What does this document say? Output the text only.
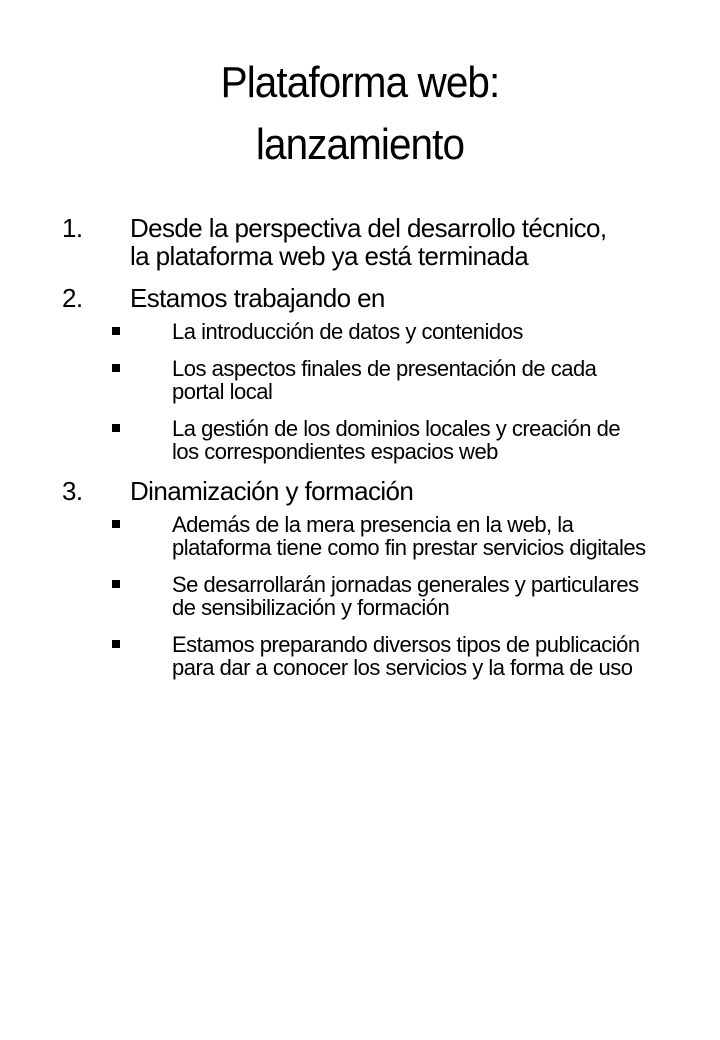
Plataforma web:
lanzamiento
1. Desde la perspectiva del desarrollo técnico, la plataforma web ya está terminada
2. Estamos trabajando en
La introducción de datos y contenidos
Los aspectos finales de presentación de cada portal local
La gestión de los dominios locales y creación de los correspondientes espacios web
3. Dinamización y formación
Además de la mera presencia en la web, la plataforma tiene como fin prestar servicios digitales
Se desarrollarán jornadas generales y particulares de sensibilización y formación
Estamos preparando diversos tipos de publicación para dar a conocer los servicios y la forma de uso
